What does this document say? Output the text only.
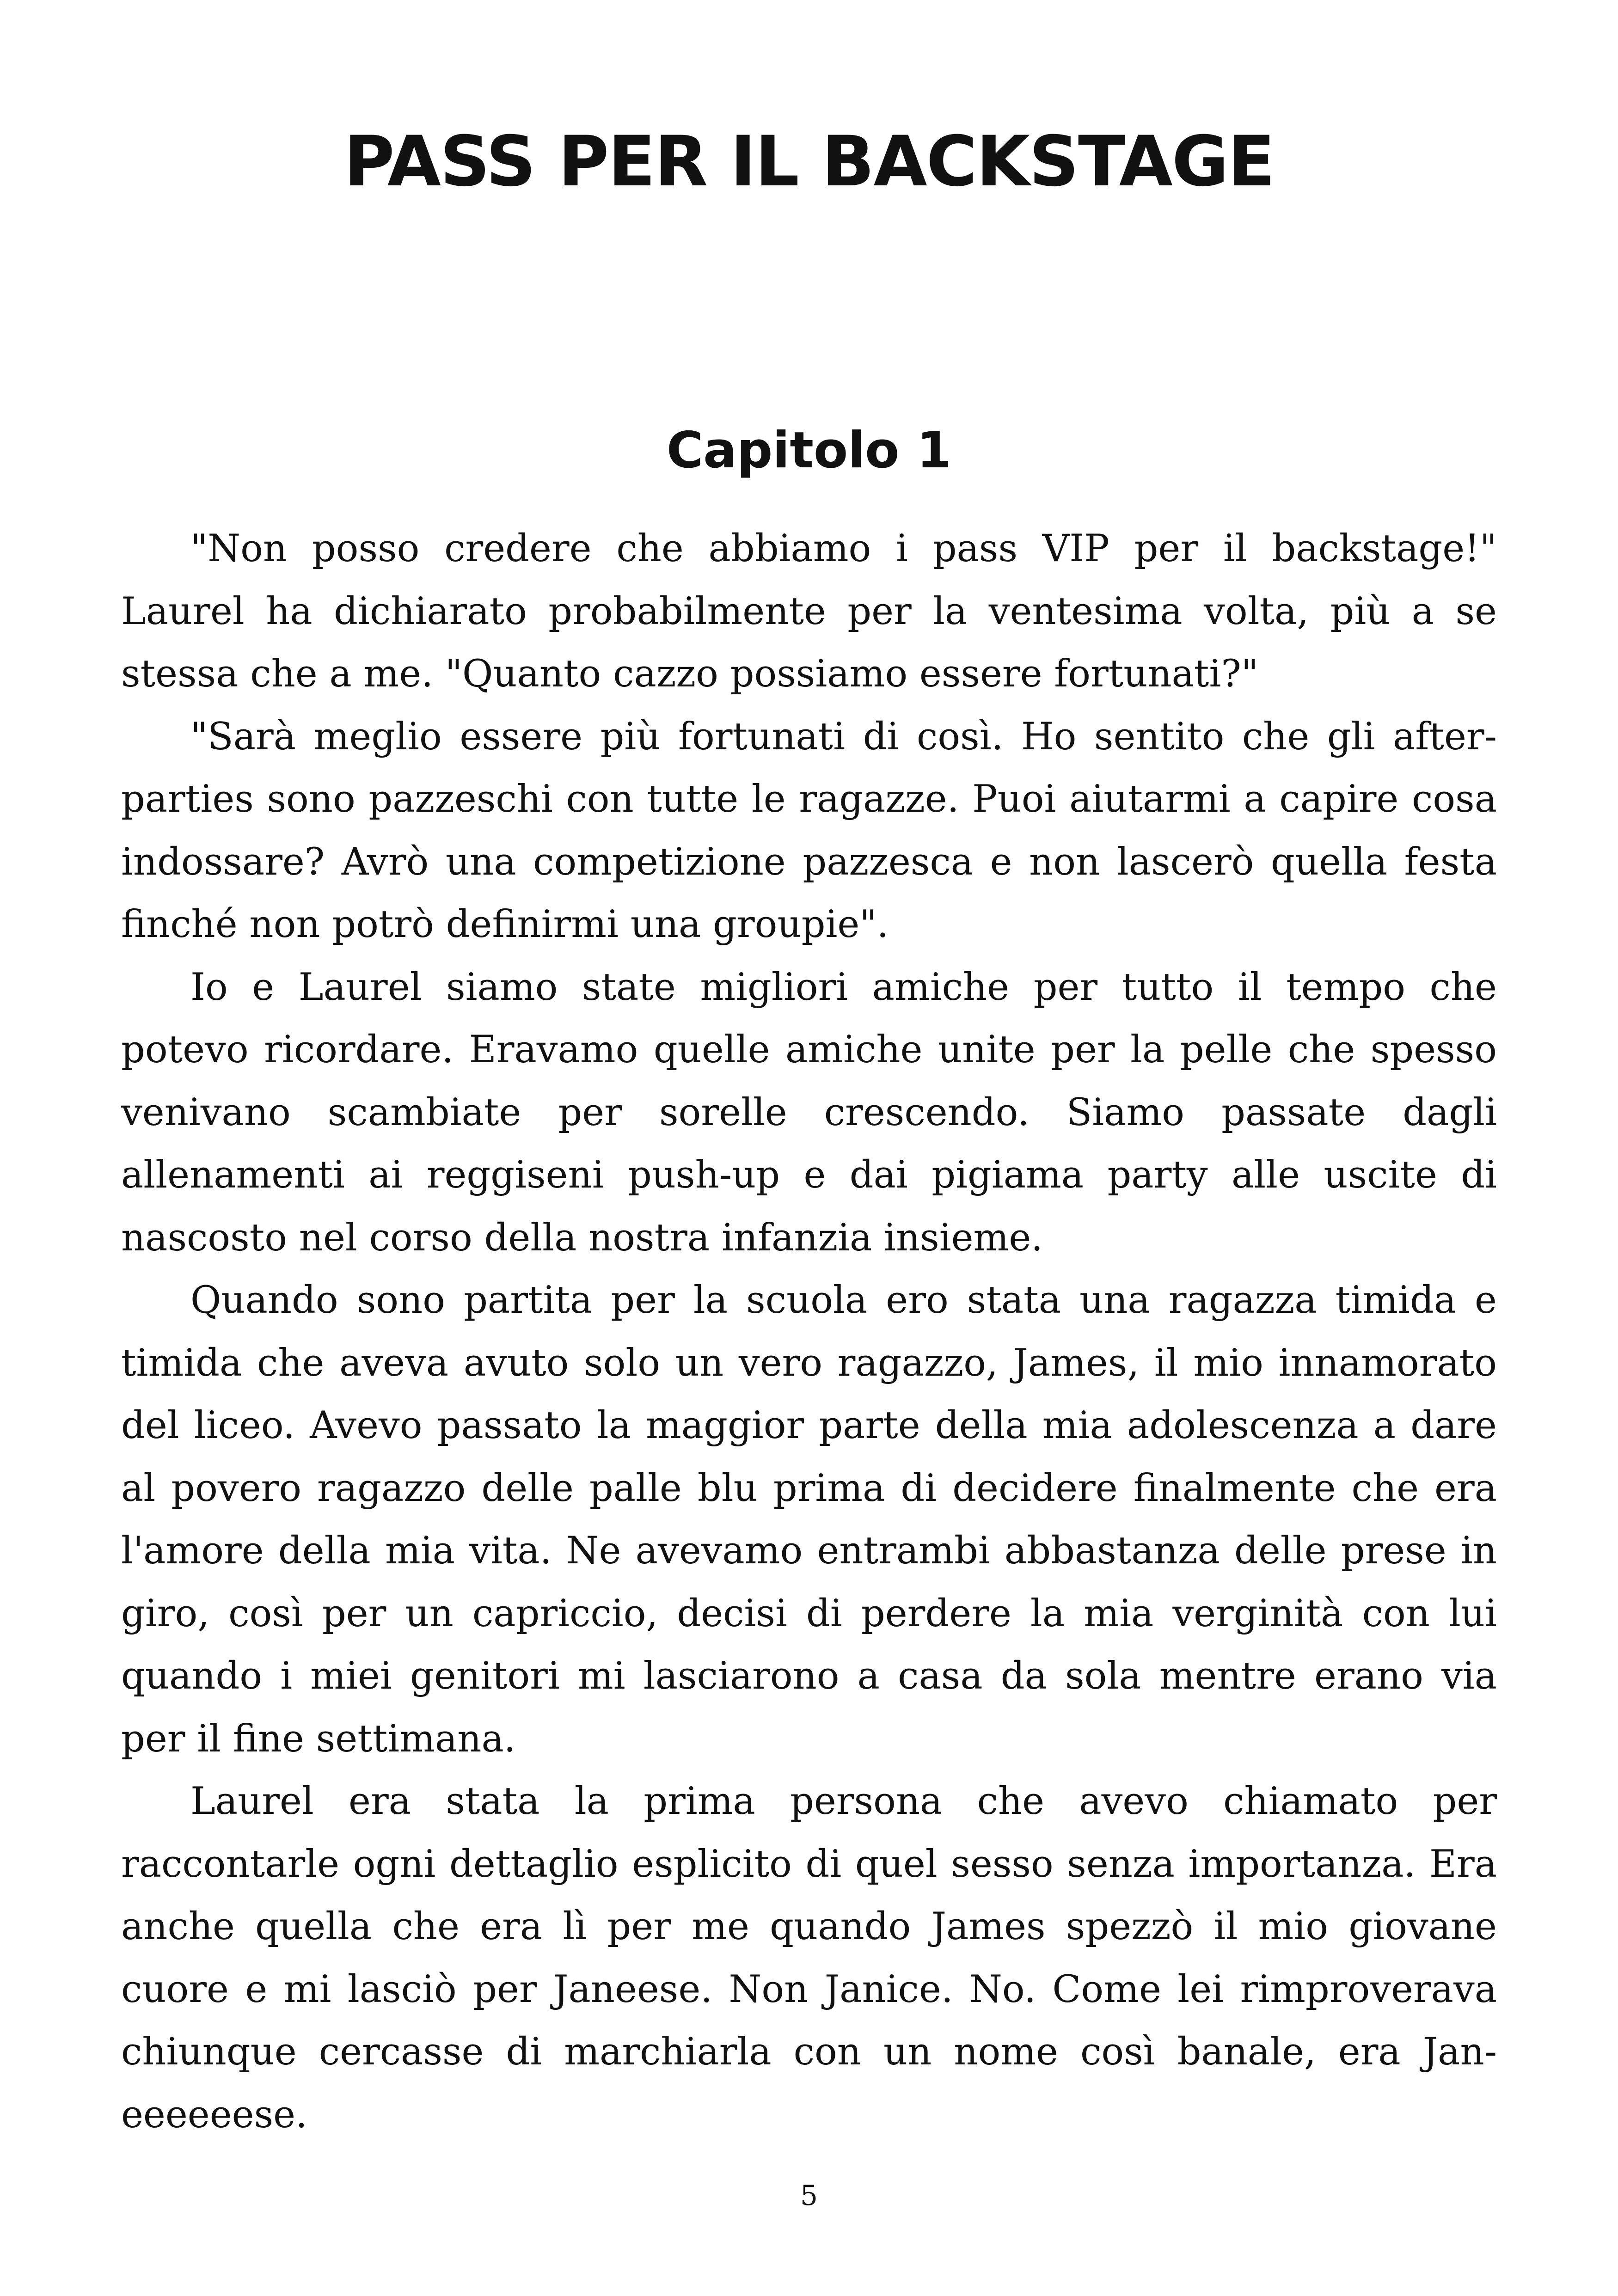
PASS PER IL BACKSTAGE
Capitolo 1

"Non posso credere che abbiamo i pass VIP per il backstage!" Laurel ha dichiarato probabilmente per la ventesima volta, più a se stessa che a me. "Quanto cazzo possiamo essere fortunati?"

"Sarà meglio essere più fortunati di così. Ho sentito che gli after-parties sono pazzeschi con tutte le ragazze. Puoi aiutarmi a capire cosa indossare? Avrò una competizione pazzesca e non lascerò quella festa finché non potrò definirmi una groupie".

Io e Laurel siamo state migliori amiche per tutto il tempo che potevo ricordare. Eravamo quelle amiche unite per la pelle che spesso venivano scambiate per sorelle crescendo. Siamo passate dagli allenamenti ai reggiseni push-up e dai pigiama party alle uscite di nascosto nel corso della nostra infanzia insieme.

Quando sono partita per la scuola ero stata una ragazza timida e timida che aveva avuto solo un vero ragazzo, James, il mio innamorato del liceo. Avevo passato la maggior parte della mia adolescenza a dare al povero ragazzo delle palle blu prima di decidere finalmente che era l'amore della mia vita. Ne avevamo entrambi abbastanza delle prese in giro, così per un capriccio, decisi di perdere la mia verginità con lui quando i miei genitori mi lasciarono a casa da sola mentre erano via per il fine settimana.

Laurel era stata la prima persona che avevo chiamato per raccontarle ogni dettaglio esplicito di quel sesso senza importanza. Era anche quella che era lì per me quando James spezzò il mio giovane cuore e mi lasciò per Janeese. Non Janice. No. Come lei rimproverava chiunque cercasse di marchiarla con un nome così banale, era Jan-eeeeeese.

5
